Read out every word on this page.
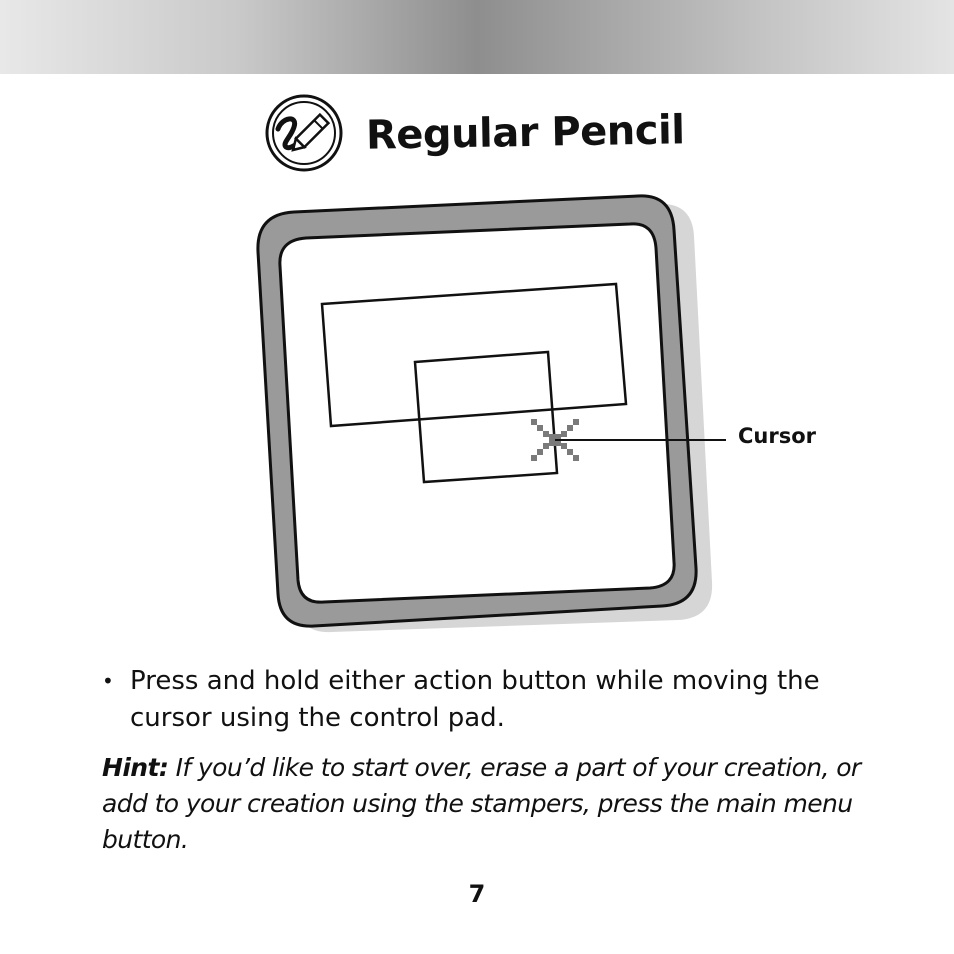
Regular Pencil
Cursor
• Press and hold either action button while moving the cursor using the control pad.

Hint: If you’d like to start over, erase a part of your creation, or add to your creation using the stampers, press the main menu button.

7
